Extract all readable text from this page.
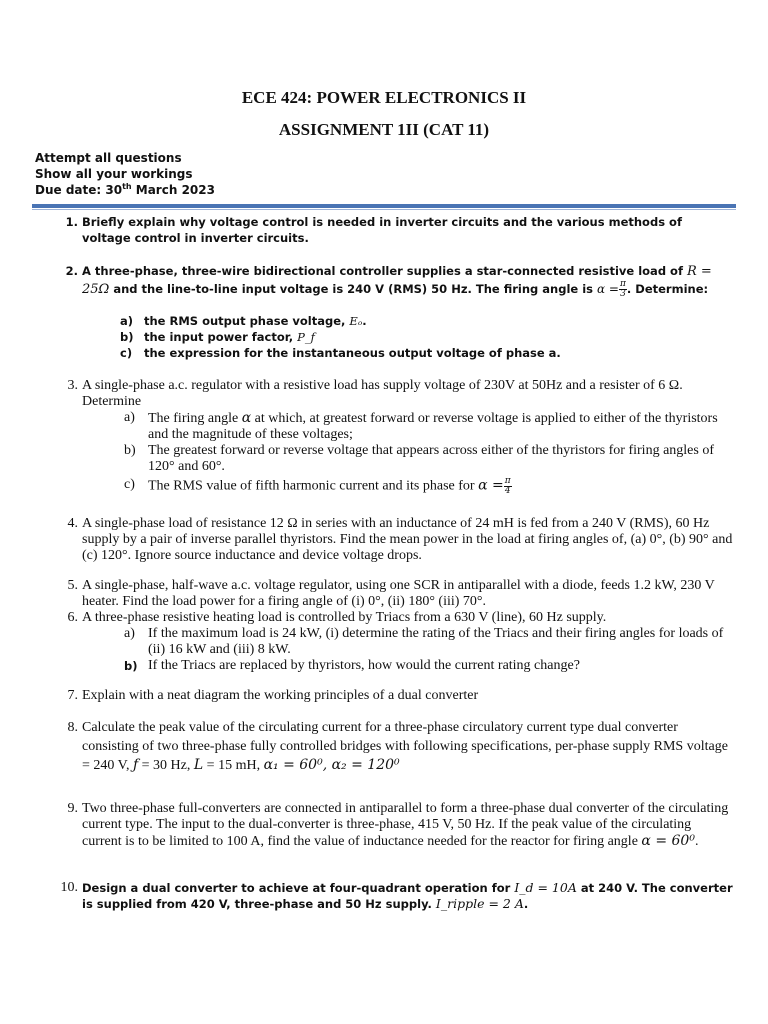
ECE 424: POWER ELECTRONICS II
ASSIGNMENT 1II (CAT 11)
Attempt all questions
Show all your workings
Due date: 30th March 2023
1. Briefly explain why voltage control is needed in inverter circuits and the various methods of voltage control in inverter circuits.
2. A three-phase, three-wire bidirectional controller supplies a star-connected resistive load of R = 25Ω and the line-to-line input voltage is 240 V (RMS) 50 Hz. The firing angle is $\alpha = \frac{\pi}{3}$ . Determine:
a) the RMS output phase voltage, Eₒ.
b) the input power factor, P_f
c) the expression for the instantaneous output voltage of phase a.
3. A single-phase a.c. regulator with a resistive load has supply voltage of 230V at 50Hz and a resister of 6 Ω. Determine
a) The firing angle α at which, at greatest forward or reverse voltage is applied to either of the thyristors and the magnitude of these voltages;
b) The greatest forward or reverse voltage that appears across either of the thyristors for firing angles of 120° and 60°.
c) The RMS value of fifth harmonic current and its phase for $\alpha = \frac{\pi}{4}$
4. A single-phase load of resistance 12 Ω in series with an inductance of 24 mH is fed from a 240 V (RMS), 60 Hz supply by a pair of inverse parallel thyristors. Find the mean power in the load at firing angles of, (a) 0°, (b) 90° and (c) 120°. Ignore source inductance and device voltage drops.
5. A single-phase, half-wave a.c. voltage regulator, using one SCR in antiparallel with a diode, feeds 1.2 kW, 230 V heater. Find the load power for a firing angle of (i) 0°, (ii) 180° (iii) 70°.
6. A three-phase resistive heating load is controlled by Triacs from a 630 V (line), 60 Hz supply.
a) If the maximum load is 24 kW, (i) determine the rating of the Triacs and their firing angles for loads of (ii) 16 kW and (iii) 8 kW.
b) If the Triacs are replaced by thyristors, how would the current rating change?
7. Explain with a neat diagram the working principles of a dual converter
8. Calculate the peak value of the circulating current for a three-phase circulatory current type dual converter consisting of two three-phase fully controlled bridges with following specifications, per-phase supply RMS voltage = 240 V, ƒ = 30 Hz, L = 15 mH, α₁ = 60⁰, α₂ = 120⁰
9. Two three-phase full-converters are connected in antiparallel to form a three-phase dual converter of the circulating current type. The input to the dual-converter is three-phase, 415 V, 50 Hz. If the peak value of the circulating current is to be limited to 100 A, find the value of inductance needed for the reactor for firing angle α = 60⁰.
10. Design a dual converter to achieve at four-quadrant operation for I_d = 10A at 240 V. The converter is supplied from 420 V, three-phase and 50 Hz supply. I_ripple = 2 A.
